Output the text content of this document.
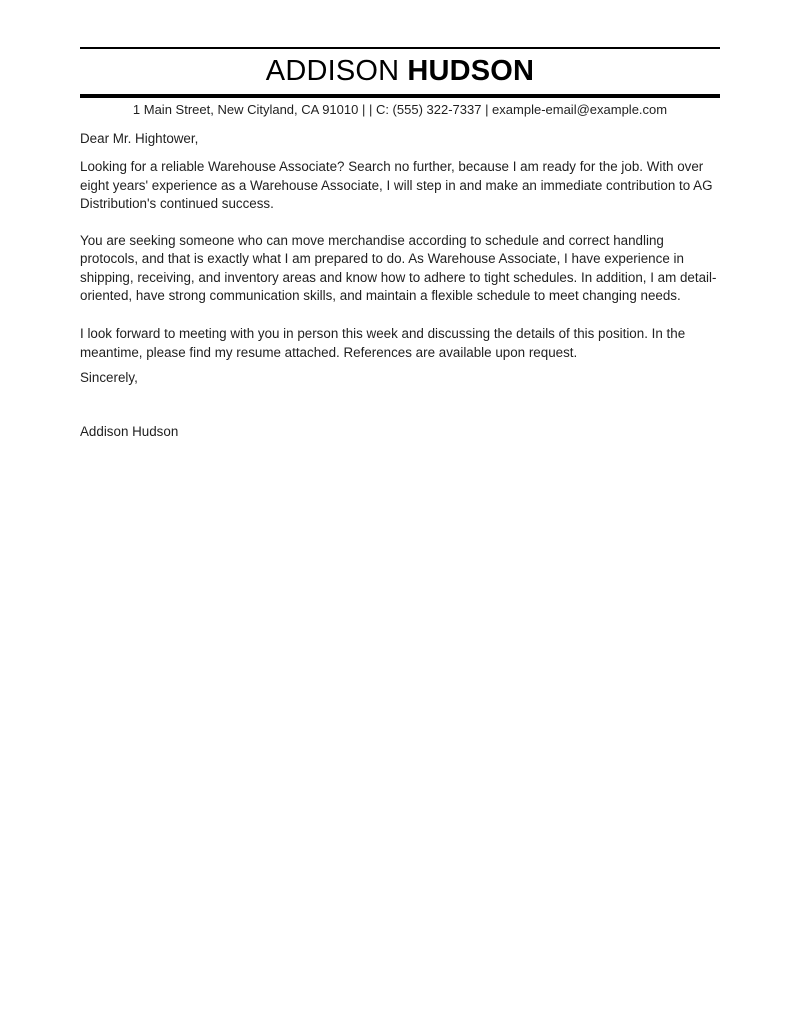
ADDISON HUDSON
1 Main Street, New Cityland, CA 91010 | | C: (555) 322-7337 | example-email@example.com

Dear Mr. Hightower,

Looking for a reliable Warehouse Associate? Search no further, because I am ready for the job. With over eight years' experience as a Warehouse Associate, I will step in and make an immediate contribution to AG Distribution's continued success.

You are seeking someone who can move merchandise according to schedule and correct handling protocols, and that is exactly what I am prepared to do. As Warehouse Associate, I have experience in shipping, receiving, and inventory areas and know how to adhere to tight schedules. In addition, I am detail-oriented, have strong communication skills, and maintain a flexible schedule to meet changing needs.

I look forward to meeting with you in person this week and discussing the details of this position. In the meantime, please find my resume attached. References are available upon request.

Sincerely,

Addison Hudson
